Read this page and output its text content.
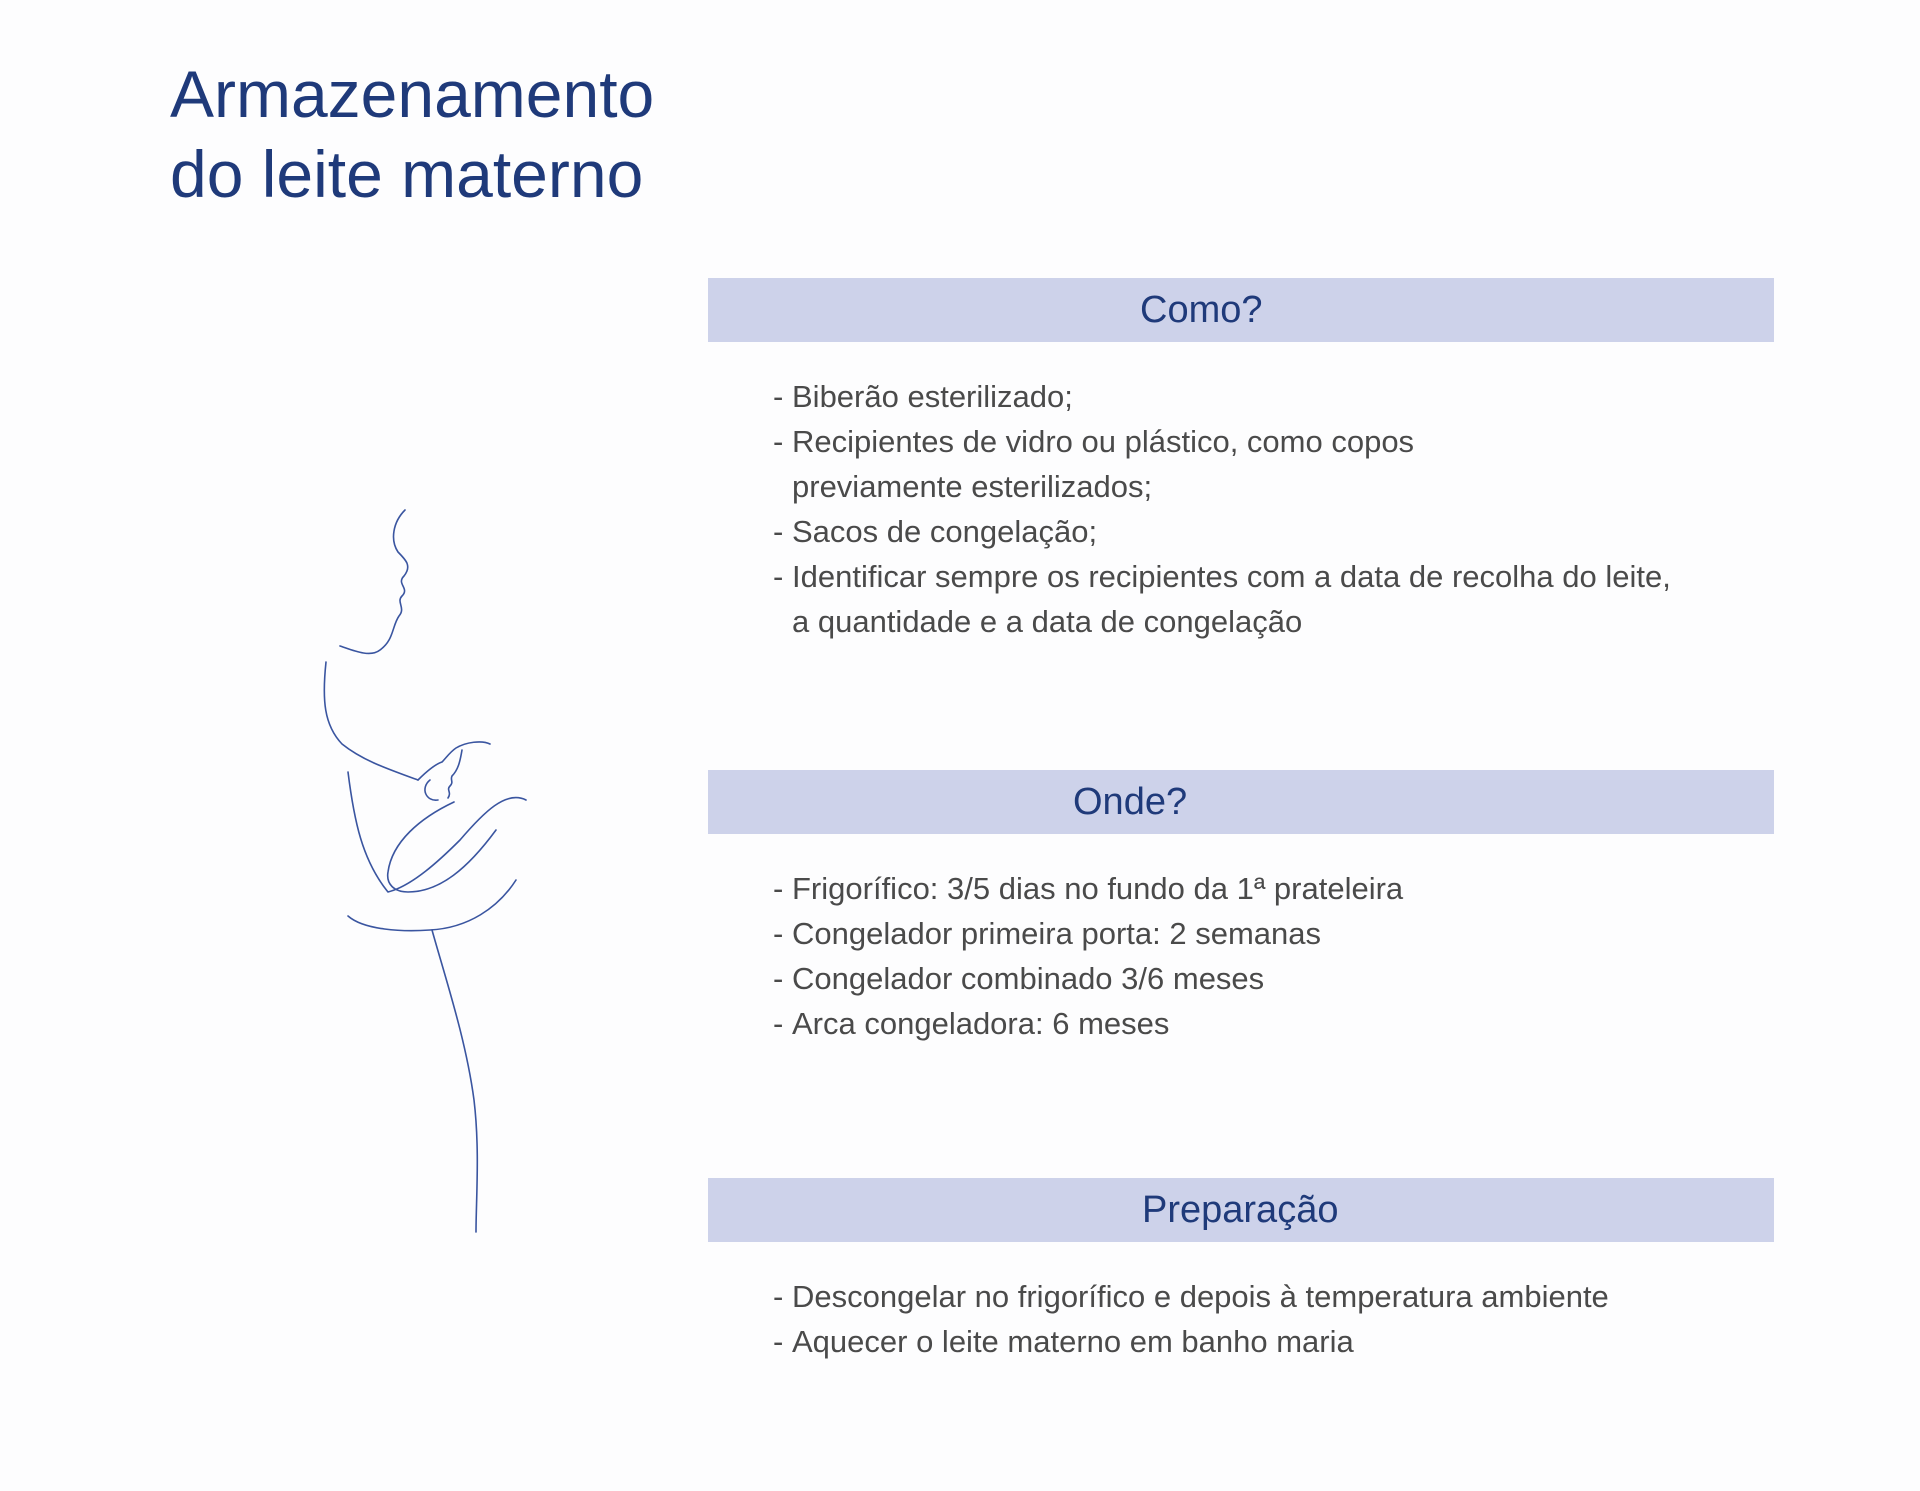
Armazenamento
do leite materno
Como?
- Biberão esterilizado;
- Recipientes de vidro ou plástico, como copos previamente esterilizados;
- Sacos de congelação;
- Identificar sempre os recipientes com a data de recolha do leite, a quantidade e a data de congelação
Onde?
- Frigorífico: 3/5 dias no fundo da 1ª prateleira
- Congelador primeira porta: 2 semanas
- Congelador combinado 3/6 meses
- Arca congeladora: 6 meses
Preparação
- Descongelar no frigorífico e depois à temperatura ambiente
- Aquecer o leite materno em banho maria
